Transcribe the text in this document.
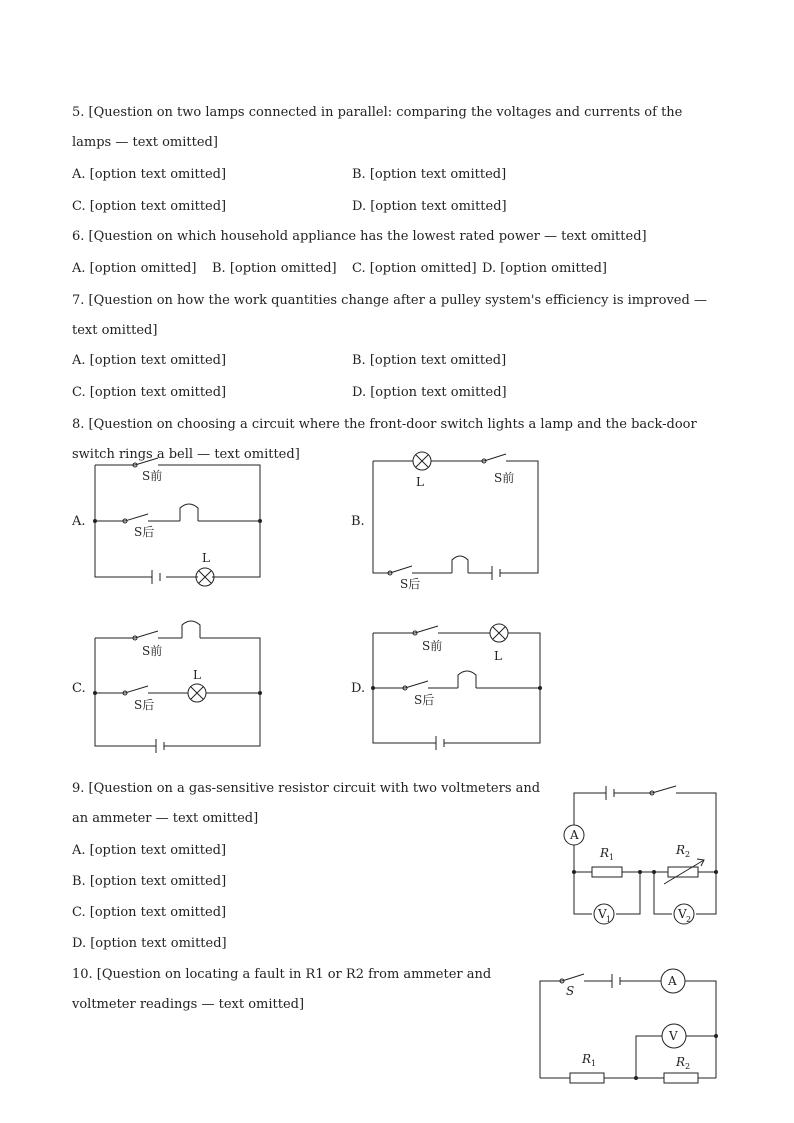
5. [Question on two lamps connected in parallel: comparing the voltages and currents of the lamps — text omitted]
A. [option text omitted]	B. [option text omitted]
C. [option text omitted]	D. [option text omitted]
6. [Question on which household appliance has the lowest rated power — text omitted]
A. [option omitted] B. [option omitted] C. [option omitted] D. [option omitted]
7. [Question on how the work quantities change after a pulley system's efficiency is improved — text omitted]
A. [option text omitted]	B. [option text omitted]
C. [option text omitted]	D. [option text omitted]
8. [Question on choosing a circuit where the front-door switch lights a lamp and the back-door switch rings a bell — text omitted]
A.	B.
C.	D.
S前
S后
L
L	S前
S后
S前
S后
L
S前
L
S后
9. [Question on a gas-sensitive resistor circuit with two voltmeters and an ammeter — text omitted]
A. [option text omitted]
B. [option text omitted]
C. [option text omitted]
D. [option text omitted]
A
R 1
R 2
V 1	V 2
10. [Question on locating a fault in R1 or R2 from ammeter and voltmeter readings — text omitted]
S
A
V
R 1	R 2
